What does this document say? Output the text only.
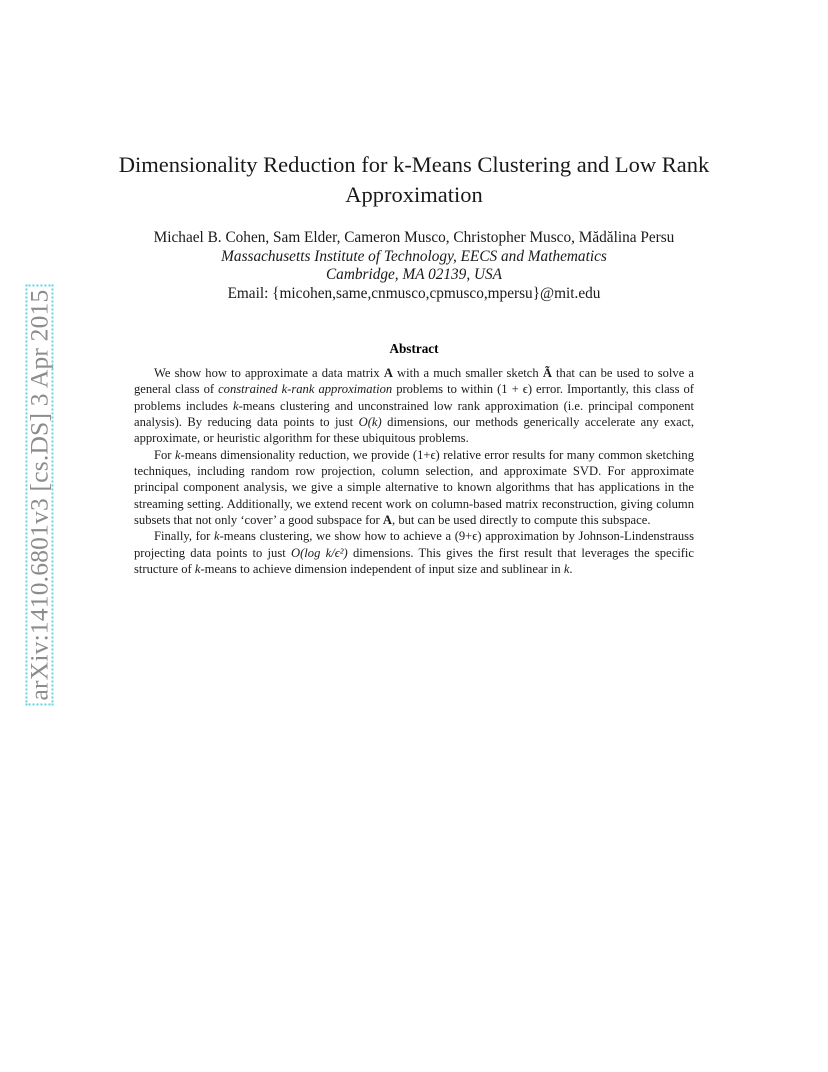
arXiv:1410.6801v3 [cs.DS] 3 Apr 2015
Dimensionality Reduction for k-Means Clustering and Low Rank Approximation
Michael B. Cohen, Sam Elder, Cameron Musco, Christopher Musco, Mădălina Persu
Massachusetts Institute of Technology, EECS and Mathematics
Cambridge, MA 02139, USA
Email: {micohen,same,cnmusco,cpmusco,mpersu}@mit.edu
Abstract

We show how to approximate a data matrix A with a much smaller sketch Ã that can be used to solve a general class of constrained k-rank approximation problems to within (1 + ϵ) error. Importantly, this class of problems includes k-means clustering and unconstrained low rank approximation (i.e. principal component analysis). By reducing data points to just O(k) dimensions, our methods generically accelerate any exact, approximate, or heuristic algorithm for these ubiquitous problems.

For k-means dimensionality reduction, we provide (1+ϵ) relative error results for many common sketching techniques, including random row projection, column selection, and approximate SVD. For approximate principal component analysis, we give a simple alternative to known algorithms that has applications in the streaming setting. Additionally, we extend recent work on column-based matrix reconstruction, giving column subsets that not only ‘cover’ a good subspace for A, but can be used directly to compute this subspace.

Finally, for k-means clustering, we show how to achieve a (9+ϵ) approximation by Johnson-Lindenstrauss projecting data points to just O(log k/ϵ²) dimensions. This gives the first result that leverages the specific structure of k-means to achieve dimension independent of input size and sublinear in k.
